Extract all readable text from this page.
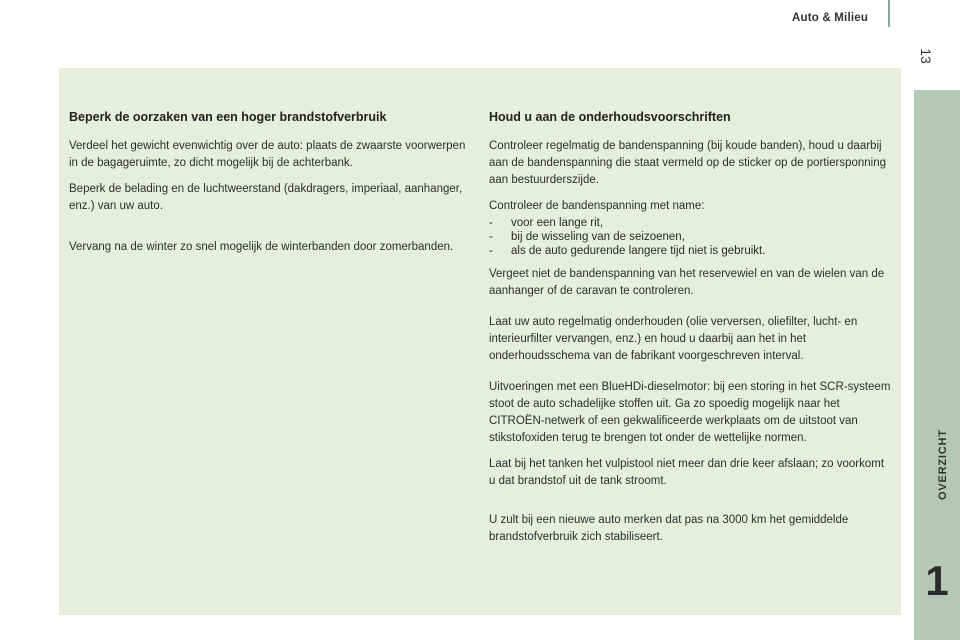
Auto & Milieu
13
OVERZICHT
1
Beperk de oorzaken van een hoger brandstofverbruik

Verdeel het gewicht evenwichtig over de auto: plaats de zwaarste voorwerpen in de bagageruimte, zo dicht mogelijk bij de achterbank.

Beperk de belading en de luchtweerstand (dakdragers, imperiaal, aanhanger, enz.) van uw auto.

Vervang na de winter zo snel mogelijk de winterbanden door zomerbanden.

Houd u aan de onderhoudsvoorschriften

Controleer regelmatig de bandenspanning (bij koude banden), houd u daarbij aan de bandenspanning die staat vermeld op de sticker op de portiersponning aan bestuurderszijde.

Controleer de bandenspanning met name:

- voor een lange rit,
- bij de wisseling van de seizoenen,
- als de auto gedurende langere tijd niet is gebruikt.

Vergeet niet de bandenspanning van het reservewiel en van de wielen van de aanhanger of de caravan te controleren.

Laat uw auto regelmatig onderhouden (olie verversen, oliefilter, lucht- en interieurfilter vervangen, enz.) en houd u daarbij aan het in het onderhoudsschema van de fabrikant voorgeschreven interval.

Uitvoeringen met een BlueHDi-dieselmotor: bij een storing in het SCR-systeem stoot de auto schadelijke stoffen uit. Ga zo spoedig mogelijk naar het CITROËN-netwerk of een gekwalificeerde werkplaats om de uitstoot van stikstofoxiden terug te brengen tot onder de wettelijke normen.

Laat bij het tanken het vulpistool niet meer dan drie keer afslaan; zo voorkomt u dat brandstof uit de tank stroomt.

U zult bij een nieuwe auto merken dat pas na 3000 km het gemiddelde brandstofverbruik zich stabiliseert.
